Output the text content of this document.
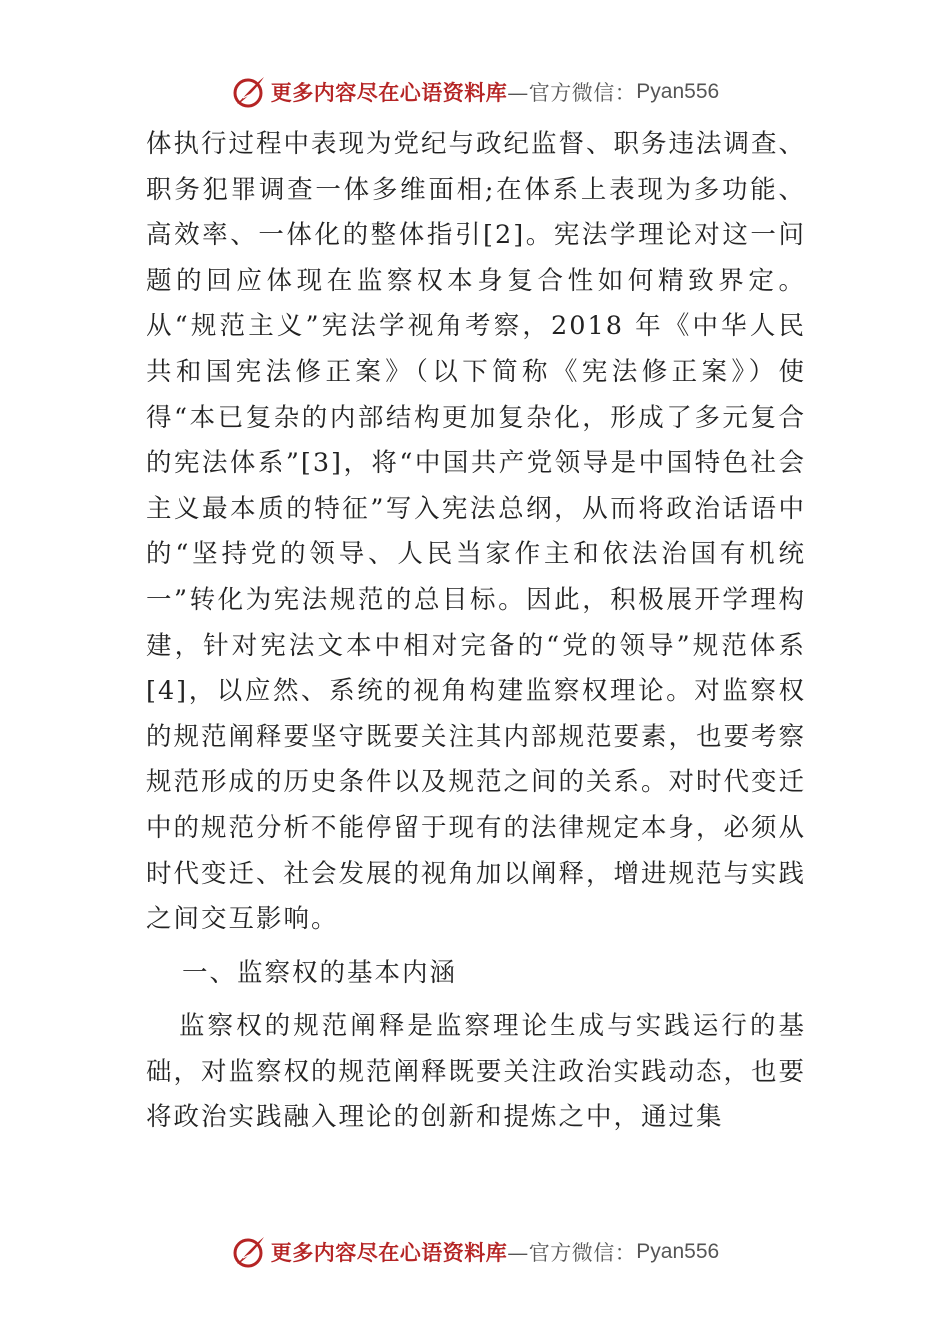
更多内容尽在心语资料库 —官方微信： Pyan556

体执行过程中表现为党纪与政纪监督、职务违法调查、职务犯罪调查一体多维面相;在体系上表现为多功能、高效率、一体化的整体指引[2]。宪法学理论对这一问题的回应体现在监察权本身复合性如何精致界定。从“规范主义”宪法学视角考察，2018 年《中华人民共和国宪法修正案》（以下简称《宪法修正案》）使得“本已复杂的内部结构更加复杂化，形成了多元复合的宪法体系”[3]，将“中国共产党领导是中国特色社会主义最本质的特征”写入宪法总纲，从而将政治话语中的“坚持党的领导、人民当家作主和依法治国有机统一”转化为宪法规范的总目标。因此，积极展开学理构建，针对宪法文本中相对完备的“党的领导”规范体系[4]，以应然、系统的视角构建监察权理论。对监察权的规范阐释要坚守既要关注其内部规范要素，也要考察规范形成的历史条件以及规范之间的关系。对时代变迁中的规范分析不能停留于现有的法律规定本身，必须从时代变迁、社会发展的视角加以阐释，增进规范与实践之间交互影响。

一、监察权的基本内涵

监察权的规范阐释是监察理论生成与实践运行的基础，对监察权的规范阐释既要关注政治实践动态，也要将政治实践融入理论的创新和提炼之中，通过集

更多内容尽在心语资料库 —官方微信： Pyan556
